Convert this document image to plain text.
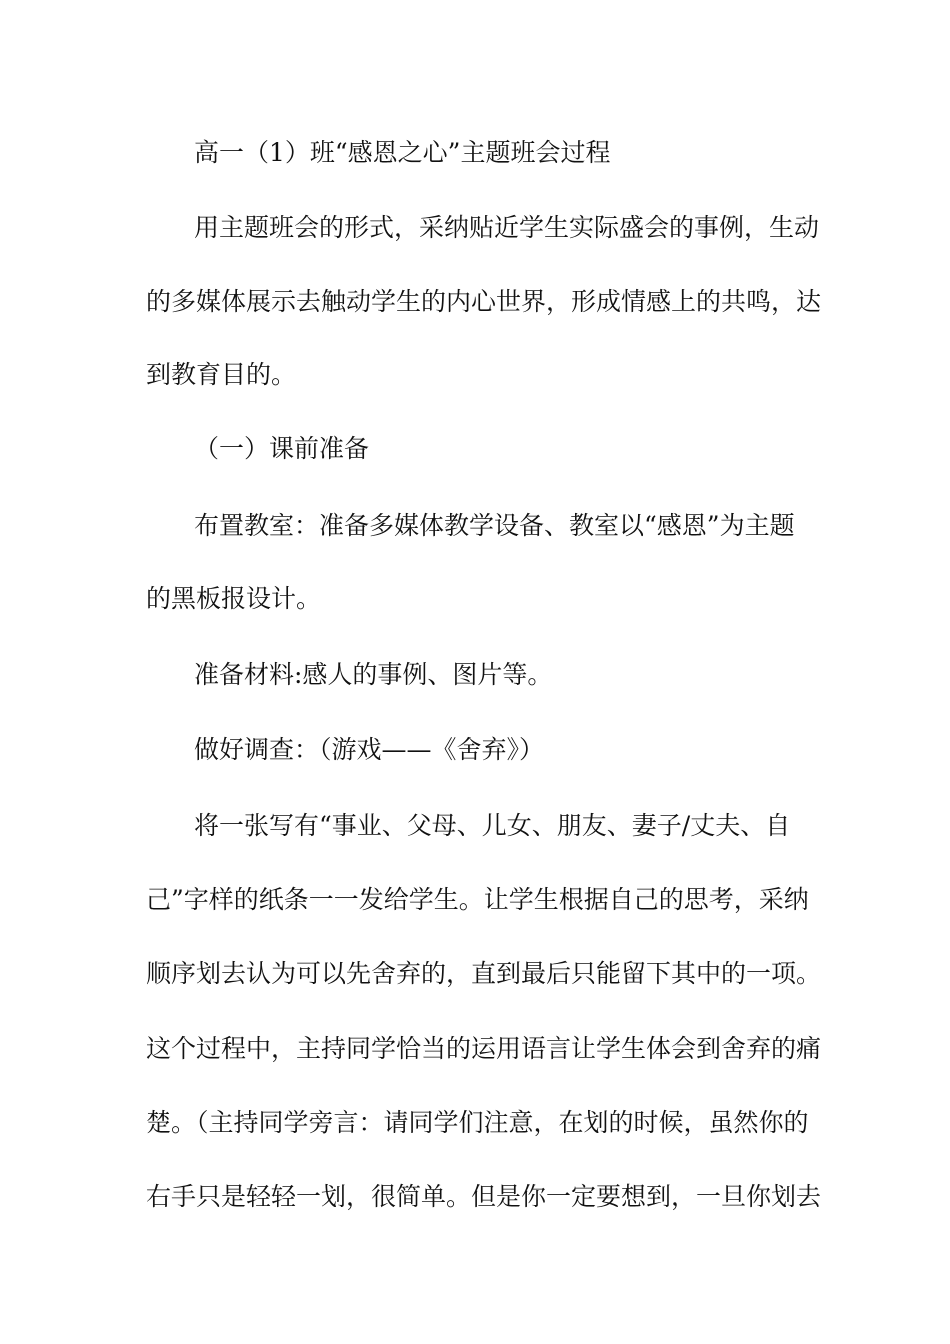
高一（1）班“感恩之心”主题班会过程
用主题班会的形式，采纳贴近学生实际盛会的事例，生动
的多媒体展示去触动学生的内心世界，形成情感上的共鸣，达
到教育目的。
（一）课前准备
布置教室：准备多媒体教学设备、教室以“感恩”为主题
的黑板报设计。
准备材料:感人的事例、图片等。
做好调查：（游戏——《舍弃》）
将一张写有“事业、父母、儿女、朋友、妻子/丈夫、自
己”字样的纸条一一发给学生。让学生根据自己的思考，采纳
顺序划去认为可以先舍弃的，直到最后只能留下其中的一项。
这个过程中，主持同学恰当的运用语言让学生体会到舍弃的痛
楚。（主持同学旁言：请同学们注意，在划的时候，虽然你的
右手只是轻轻一划，很简单。但是你一定要想到，一旦你划去
